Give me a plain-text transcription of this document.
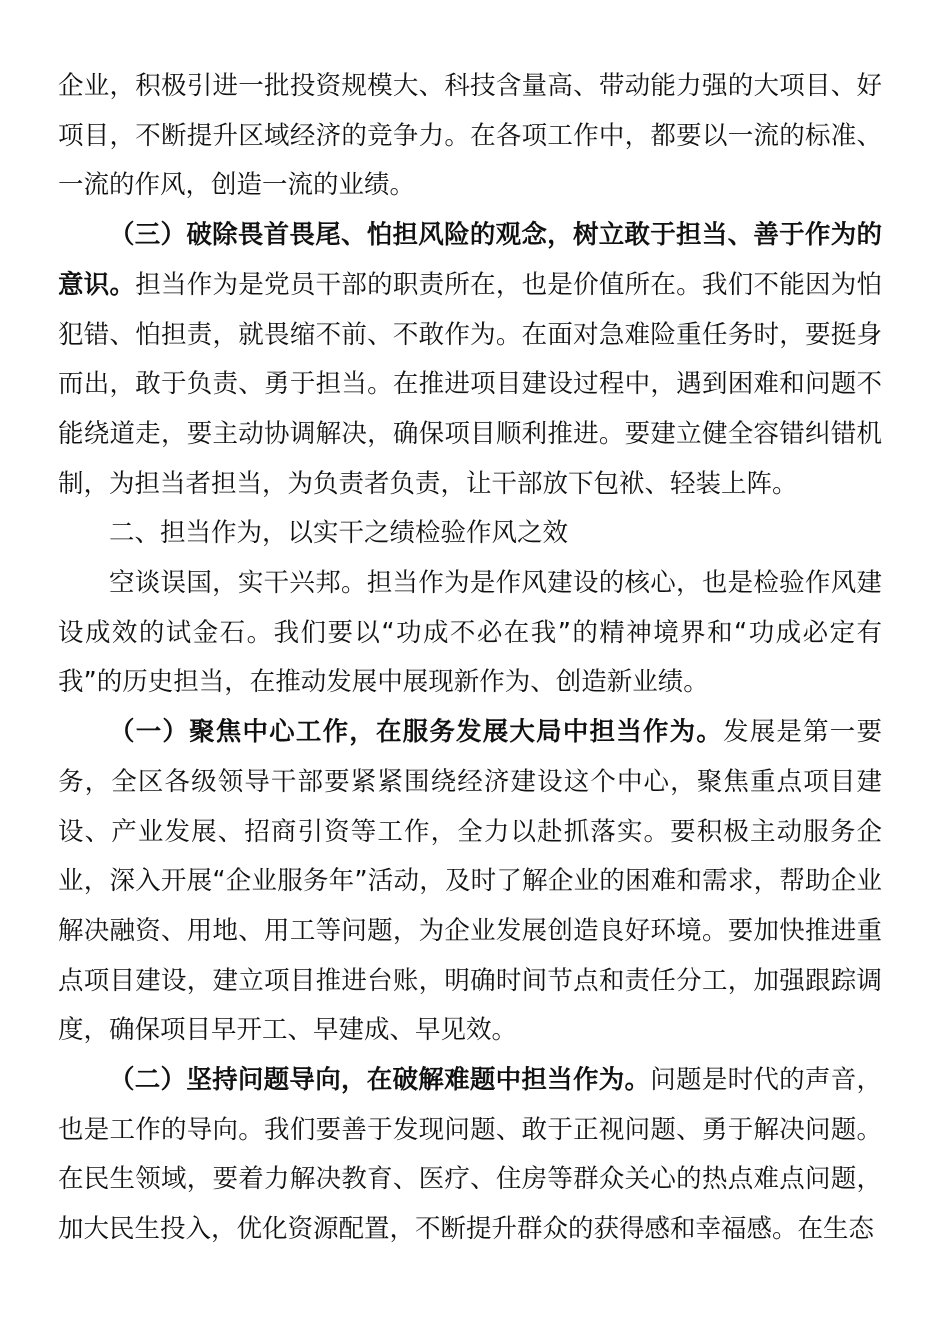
企业，积极引进一批投资规模大、科技含量高、带动能力强的大项目、好项目，不断提升区域经济的竞争力。在各项工作中，都要以一流的标准、一流的作风，创造一流的业绩。

（三）破除畏首畏尾、怕担风险的观念，树立敢于担当、善于作为的意识。担当作为是党员干部的职责所在，也是价值所在。我们不能因为怕犯错、怕担责，就畏缩不前、不敢作为。在面对急难险重任务时，要挺身而出，敢于负责、勇于担当。在推进项目建设过程中，遇到困难和问题不能绕道走，要主动协调解决，确保项目顺利推进。要建立健全容错纠错机制，为担当者担当，为负责者负责，让干部放下包袱、轻装上阵。

二、担当作为，以实干之绩检验作风之效

空谈误国，实干兴邦。担当作为是作风建设的核心，也是检验作风建设成效的试金石。我们要以“功成不必在我”的精神境界和“功成必定有我”的历史担当，在推动发展中展现新作为、创造新业绩。

（一）聚焦中心工作，在服务发展大局中担当作为。发展是第一要务，全区各级领导干部要紧紧围绕经济建设这个中心，聚焦重点项目建设、产业发展、招商引资等工作，全力以赴抓落实。要积极主动服务企业，深入开展“企业服务年”活动，及时了解企业的困难和需求，帮助企业解决融资、用地、用工等问题，为企业发展创造良好环境。要加快推进重点项目建设，建立项目推进台账，明确时间节点和责任分工，加强跟踪调度，确保项目早开工、早建成、早见效。

（二）坚持问题导向，在破解难题中担当作为。问题是时代的声音，也是工作的导向。我们要善于发现问题、敢于正视问题、勇于解决问题。在民生领域，要着力解决教育、医疗、住房等群众关心的热点难点问题，加大民生投入，优化资源配置，不断提升群众的获得感和幸福感。在生态
